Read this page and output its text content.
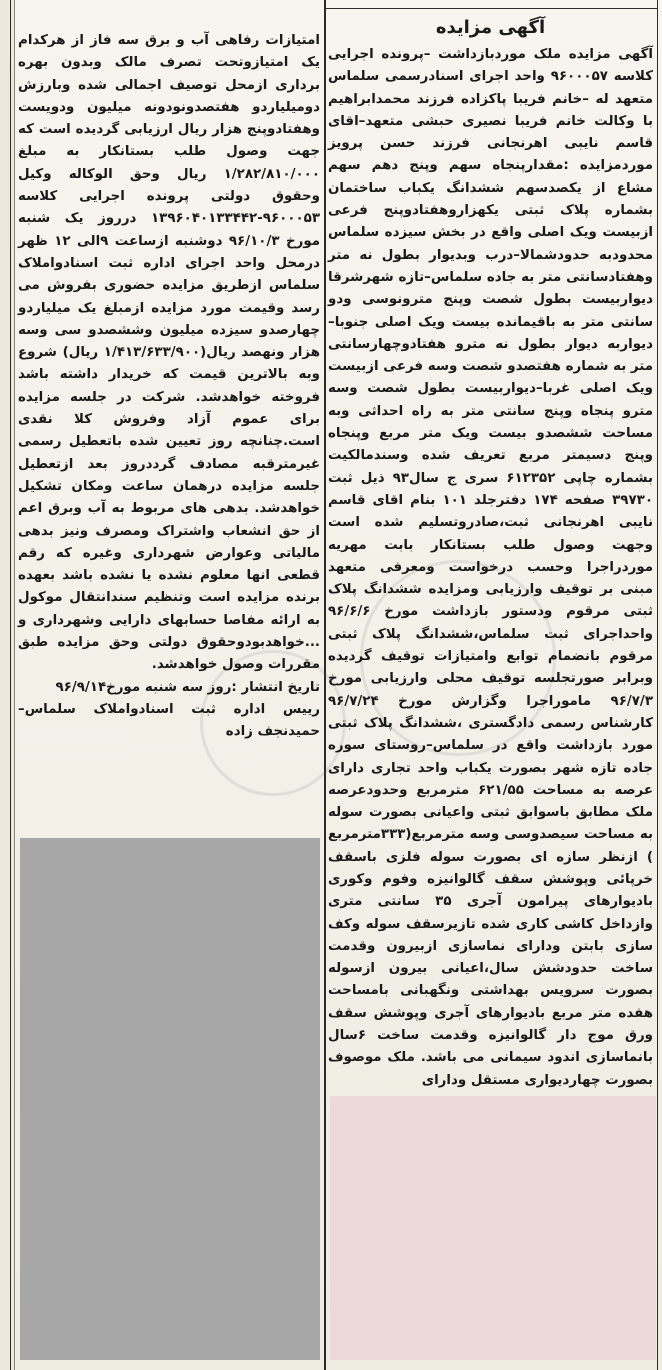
آگهی مزایده

آگهی مزایده ملک موردبازداشت –پرونده اجرایی کلاسه ۹۶۰۰۰۵۷ واحد اجرای اسنادرسمی سلماس متعهد له –خانم فریبا پاکزاده فرزند محمدابراهیم با وکالت خانم فریبا نصیری حبشی متعهد–اقای قاسم نایبی اهرنجانی فرزند حسن پرویز موردمزایده :مقدارپنجاه سهم وپنج دهم سهم مشاع از یکصدسهم ششدانگ یکباب ساختمان بشماره پلاک ثبتی یکهزاروهفتادوپنج فرعی ازبیست ویک اصلی واقع در بخش سیزده سلماس محدودبه حدودشمالا–درب وبدیوار بطول نه متر وهفتادسانتی متر به جاده سلماس–تازه شهرشرقا دیواربیست بطول شصت وپنج مترونوسی ودو سانتی متر به باقیمانده بیست ویک اصلی جنوبا–دیواربه دیوار بطول نه مترو هفتادوچهارسانتی متر به شماره هفتصدو شصت وسه فرعی ازبیست ویک اصلی غربا–دیواربیست بطول شصت وسه مترو پنجاه وپنج سانتی متر به راه احداثی وبه مساحت ششصدو بیست ویک متر مربع وپنجاه وپنج دسیمتر مربع تعریف شده وسندمالکیت بشماره چاپی ۶۱۲۳۵۲ سری ج سال۹۳ ذیل ثبت ۳۹۷۳۰ صفحه ۱۷۴ دفترجلد ۱۰۱ بنام اقای قاسم نایبی اهرنجانی ثبت،صادروتسلیم شده است وجهت وصول طلب بستانکار بابت مهریه موردراجرا وحسب درخواست ومعرفی متعهد مبنی بر توقیف وارزیابی ومزایده ششدانگ پلاک ثبتی مرقوم ودستور بازداشت مورخ ۹۶/۶/۶ واحداجرای ثبت سلماس،ششدانگ پلاک ثبتی مرقوم بانضمام توابع وامتیازات توقیف گردیده وبرابر صورتجلسه توقیف محلی وارزیابی مورخ ۹۶/۷/۳ ماموراجرا وگزارش مورخ ۹۶/۷/۲۴ کارشناس رسمی دادگستری ،ششدانگ پلاک ثبتی مورد بازداشت واقع در سلماس–روستای سوره جاده تازه شهر بصورت یکباب واحد تجاری دارای عرصه به مساحت ۶۲۱/۵۵ مترمربع وحدودعرصه ملک مطابق باسوابق ثبتی واعیانی بصورت سوله به مساحت سیصدوسی وسه مترمربع(۳۳۳مترمربع ) ازنظر سازه ای بصورت سوله فلزی باسقف خرپائی وپوشش سقف گالوانیزه وفوم وکوری بادیوارهای پیرامون آجری ۳۵ سانتی متری وازداخل کاشی کاری شده تازیرسقف سوله وکف سازی بابتن ودارای نماسازی ازبیرون وقدمت ساخت حدودشش سال،اعیانی بیرون ازسوله بصورت سرویس بهداشتی ونگهبانی بامساحت هفده متر مربع بادیوارهای آجری وپوشش سقف ورق موج دار گالوانیزه وقدمت ساخت ۶سال بانماسازی اندود سیمانی می باشد. ملک موصوف بصورت چهاردیواری مستقل ودارای

امتیازات رفاهی آب و برق سه فاز از هرکدام یک امتیازوتحت تصرف مالک وبدون بهره برداری ازمحل توصیف اجمالی شده وبارزش دومیلیاردو هفتصدونودونه میلیون ودویست وهفتادوپنج هزار ریال ارزیابی گردیده است که جهت وصول طلب بستانکار به مبلغ ۱/۲۸۲/۸۱۰/۰۰۰ ریال وحق الوکاله وکیل وحقوق دولتی پرونده اجرایی کلاسه ۹۶۰۰۰۵۳-۱۳۹۶۰۴۰۱۳۳۴۴۲ درروز یک شنبه مورخ ۹۶/۱۰/۳ دوشنبه ازساعت ۹الی ۱۲ ظهر درمحل واحد اجرای اداره ثبت اسنادواملاک سلماس ازطریق مزایده حضوری بفروش می رسد وقیمت مورد مزایده ازمبلغ یک میلیاردو چهارصدو سیزده میلیون وششصدو سی وسه هزار ونهصد ریال(۱/۴۱۳/۶۳۳/۹۰۰ ریال) شروع وبه بالاترین قیمت که خریدار داشته باشد فروخته خواهدشد. شرکت در جلسه مزایده برای عموم آزاد وفروش کلا نقدی است.چنانچه روز تعیین شده باتعطیل رسمی غیرمترقبه مصادف گرددروز بعد ازتعطیل جلسه مزایده درهمان ساعت ومکان تشکیل خواهدشد. بدهی های مربوط به آب وبرق اعم از حق انشعاب واشتراک ومصرف ونیز بدهی مالیاتی وعوارض شهرداری وغیره که رقم قطعی انها معلوم نشده یا نشده باشد بعهده برنده مزایده است وتنظیم سندانتقال موکول به ارائه مفاصا حسابهای دارایی وشهرداری و ...خواهدبودوحقوق دولتی وحق مزایده طبق مقررات وصول خواهدشد.

تاریخ انتشار :روز سه شنبه مورخ۹۶/۹/۱۴

رییس اداره ثبت اسنادواملاک سلماس–حمیدنجف زاده
